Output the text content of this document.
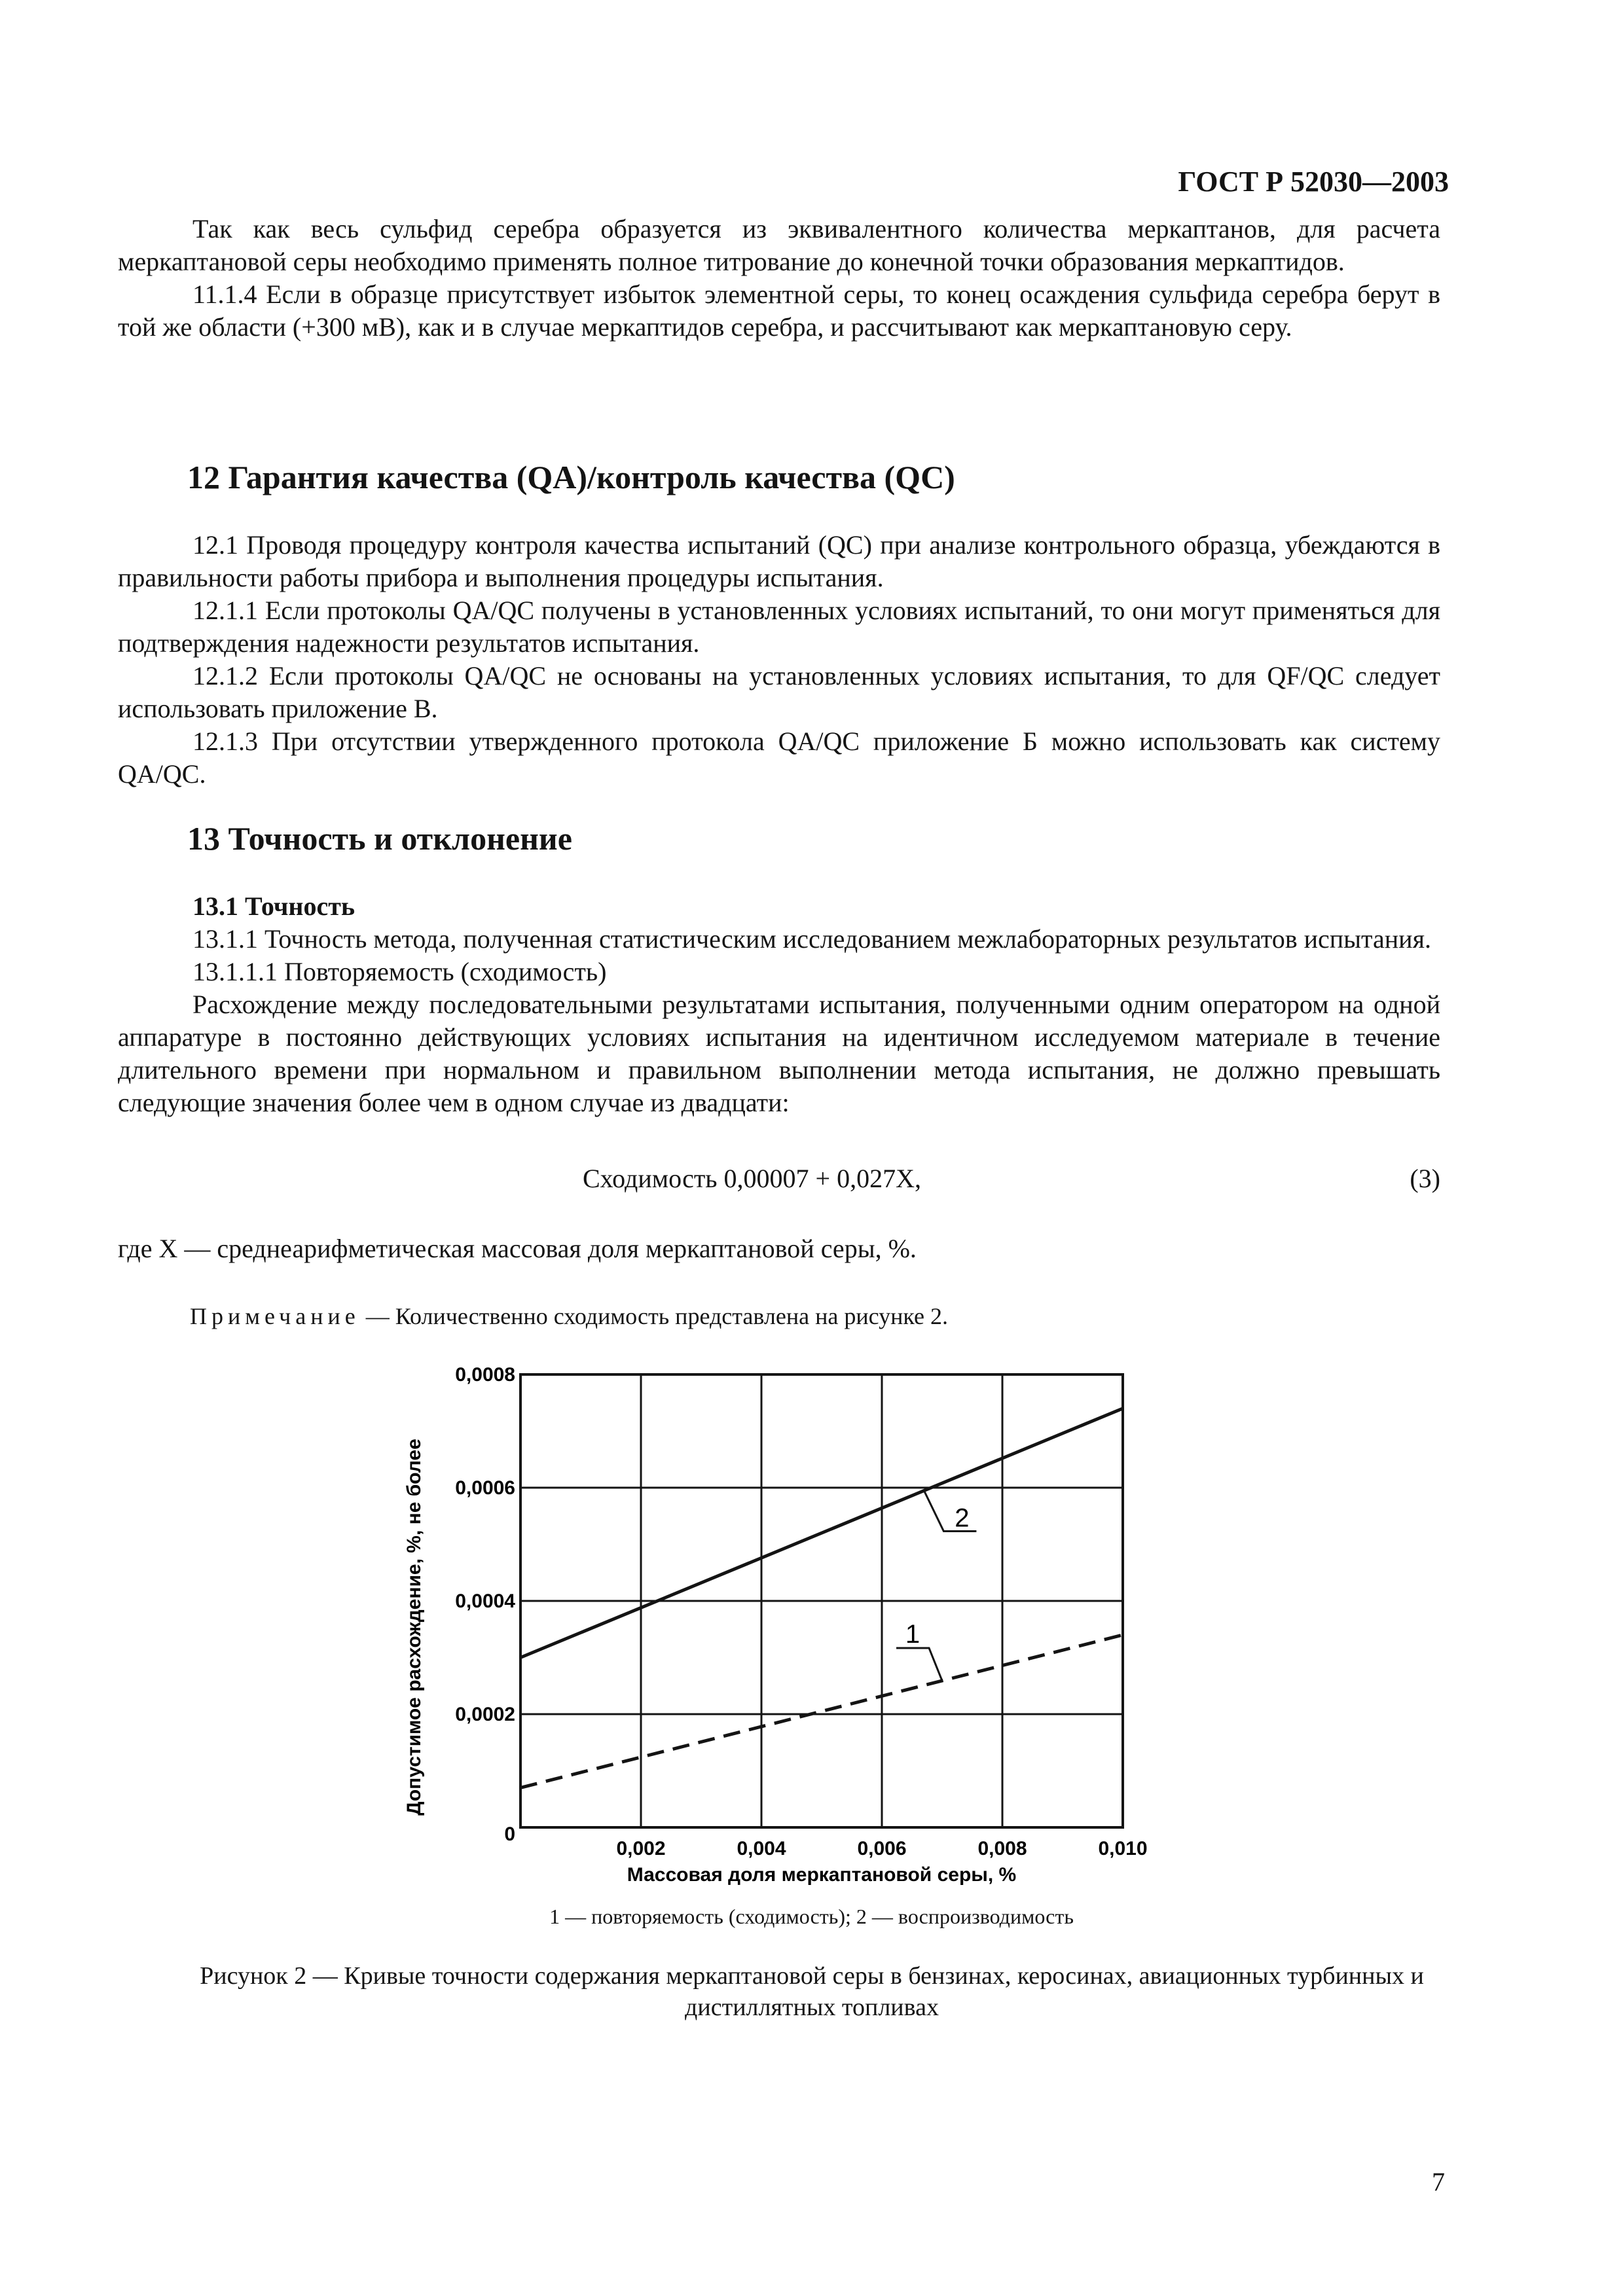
ГОСТ Р 52030—2003

Так как весь сульфид серебра образуется из эквивалентного количества меркаптанов, для расчета меркаптановой серы необходимо применять полное титрование до конечной точки образования меркаптидов.

11.1.4 Если в образце присутствует избыток элементной серы, то конец осаждения сульфида серебра берут в той же области (+300 мВ), как и в случае меркаптидов серебра, и рассчитывают как меркаптановую серу.

12 Гарантия качества (QA)/контроль качества (QC)

12.1 Проводя процедуру контроля качества испытаний (QC) при анализе контрольного образца, убеждаются в правильности работы прибора и выполнения процедуры испытания.

12.1.1 Если протоколы QA/QC получены в установленных условиях испытаний, то они могут применяться для подтверждения надежности результатов испытания.

12.1.2 Если протоколы QA/QC не основаны на установленных условиях испытания, то для QF/QC следует использовать приложение В.

12.1.3 При отсутствии утвержденного протокола QA/QC приложение Б можно использовать как систему QA/QC.

13 Точность и отклонение

13.1 Точность

13.1.1 Точность метода, полученная статистическим исследованием межлабораторных результатов испытания.

13.1.1.1 Повторяемость (сходимость)

Расхождение между последовательными результатами испытания, полученными одним оператором на одной аппаратуре в постоянно действующих условиях испытания на идентичном исследуемом материале в течение длительного времени при нормальном и правильном выполнении метода испытания, не должно превышать следующие значения более чем в одном случае из двадцати:

Сходимость 0,00007 + 0,027X,	(3)

где X — среднеарифметическая массовая доля меркаптановой серы, %.

Примечание — Количественно сходимость представлена на рисунке 2.
0,002	0,004	0,006	0,008	0,010
0
0,0002
0,0004
0,0006
0,0008
1
2
Массовая доля меркаптановой серы, %
Допустимое расхождение, %, не более
1 — повторяемость (сходимость); 2 — воспроизводимость
Рисунок 2 — Кривые точности содержания меркаптановой серы в бензинах, керосинах, авиационных турбинных и дистиллятных топливах
7
